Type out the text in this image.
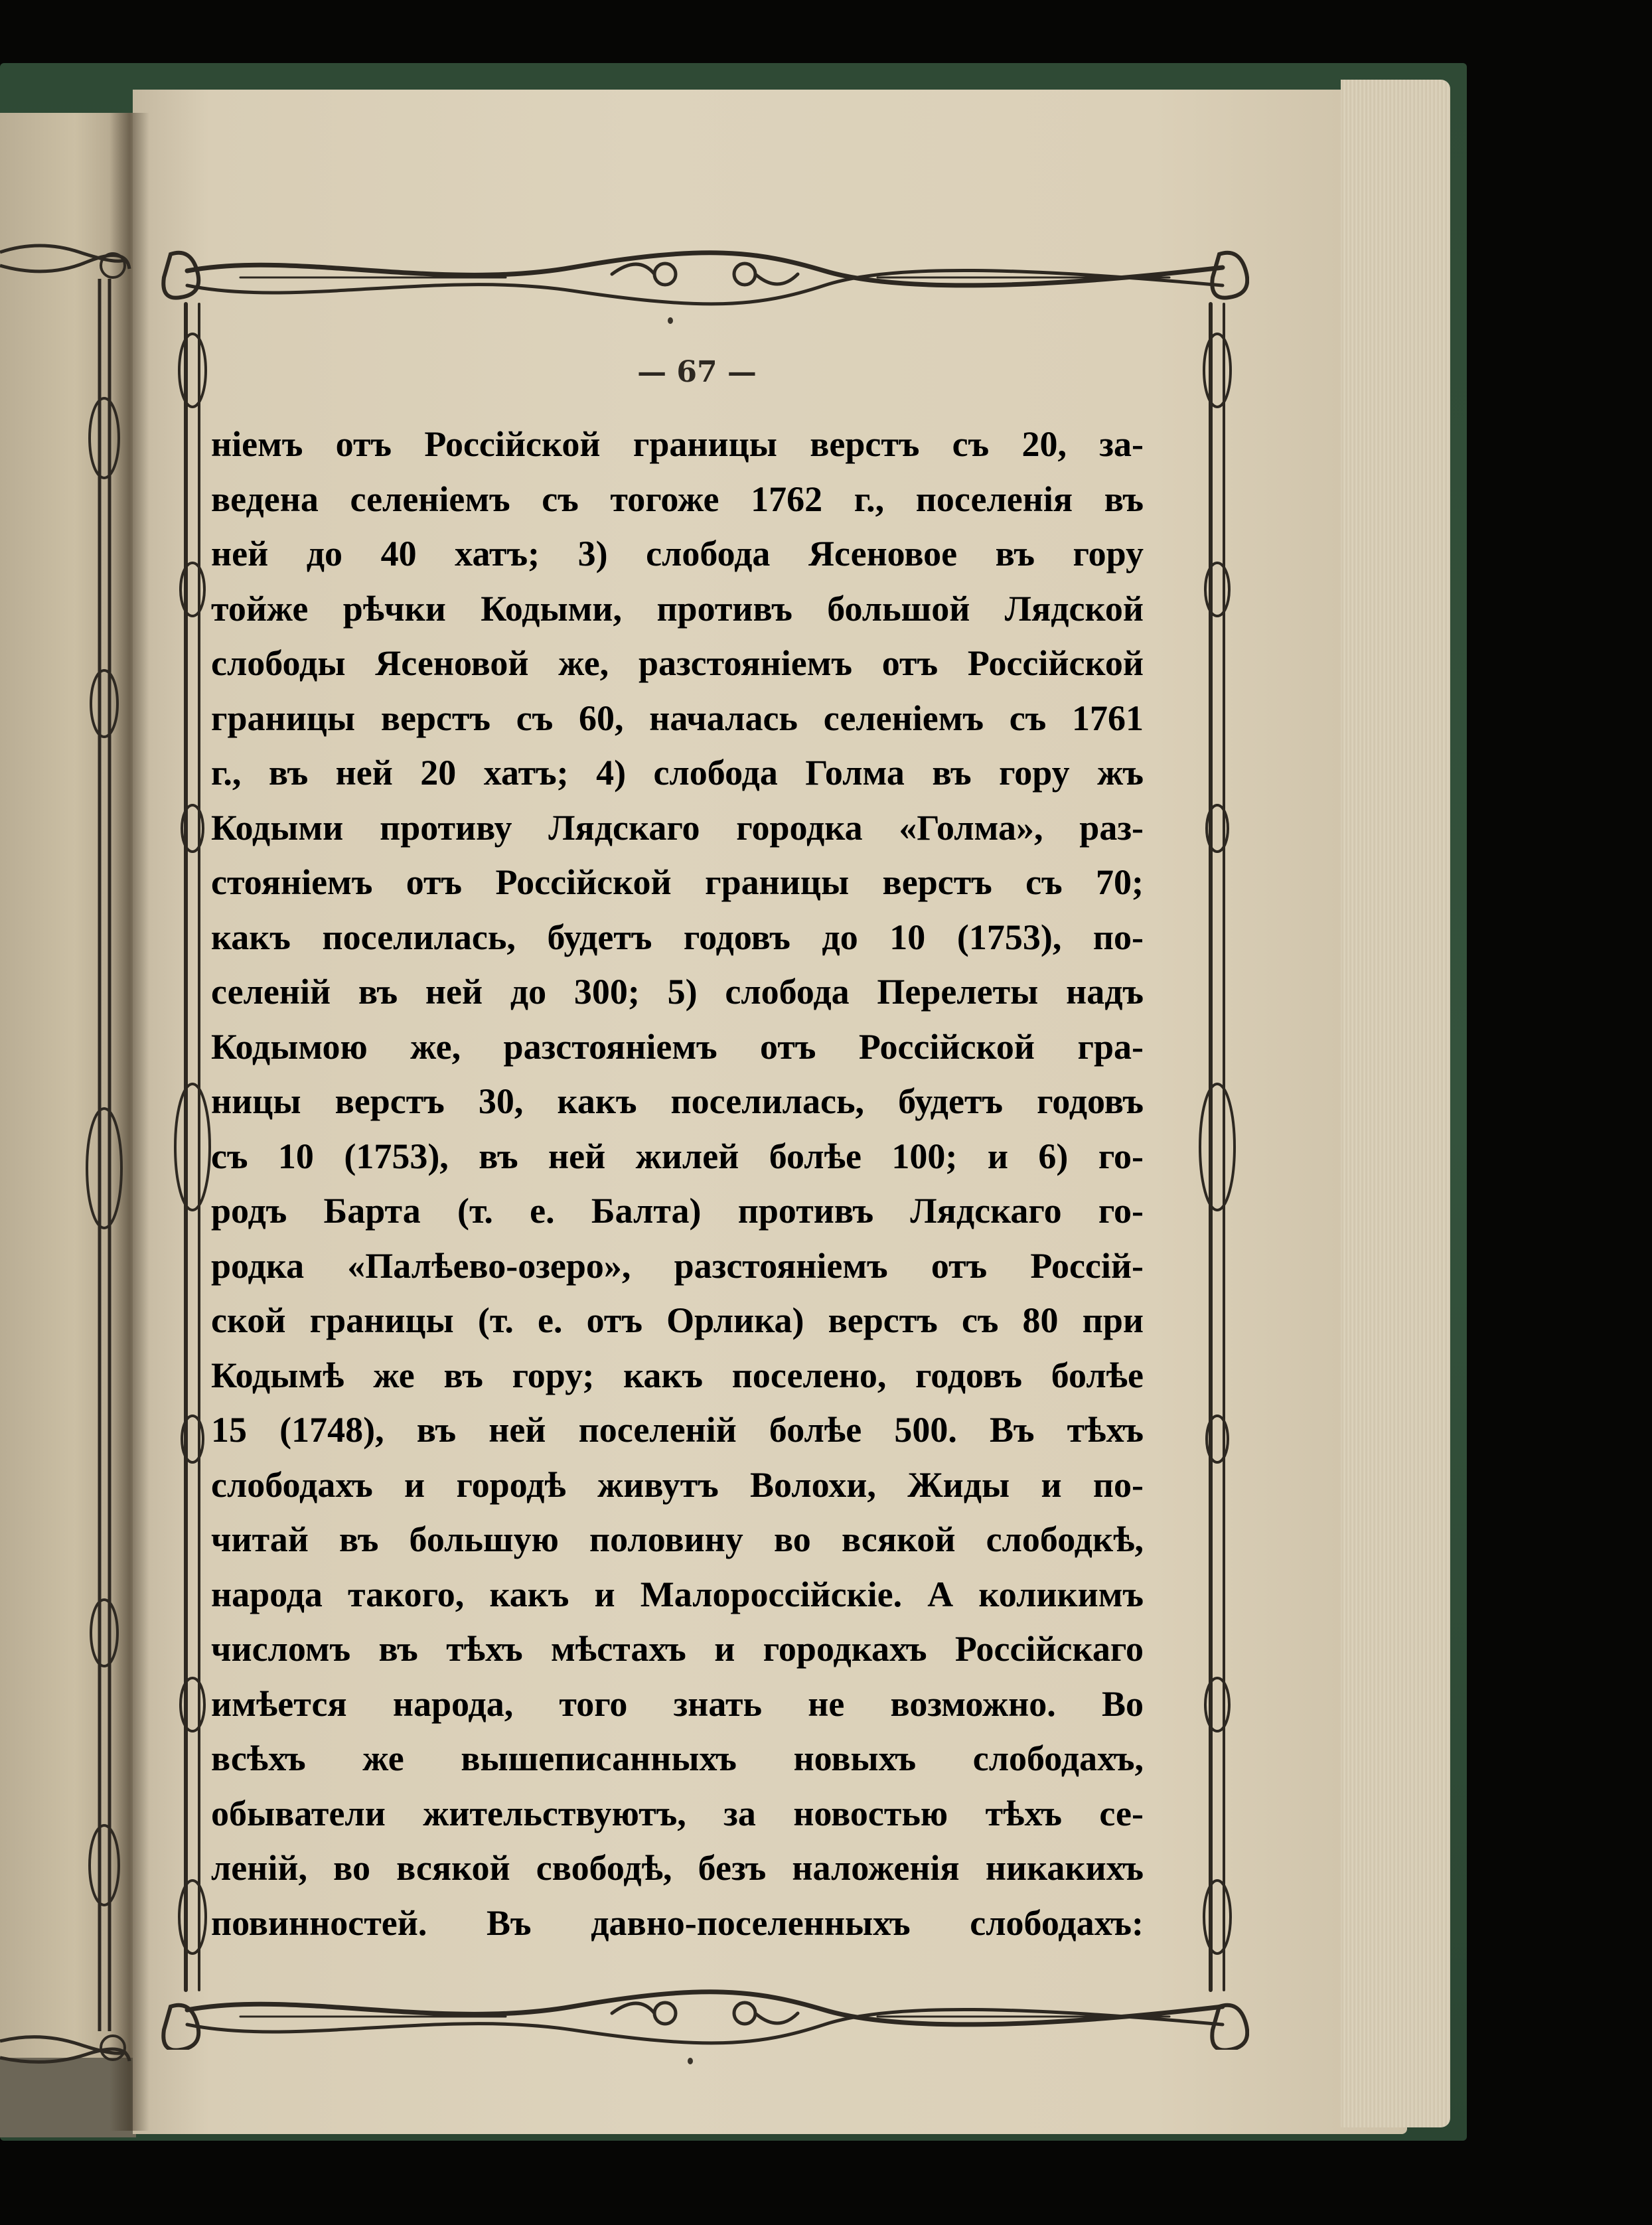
— 67 —
ніемъ отъ Россійской границы верстъ съ 20, за-
ведена селеніемъ съ тогоже 1762 г., поселенія въ
ней до 40 хатъ; 3) слобода Ясеновое въ гору
тойже рѣчки Кодыми, противъ большой Лядской
слободы Ясеновой же, разстояніемъ отъ Россійской
границы верстъ съ 60, началась селеніемъ съ 1761
г., въ ней 20 хатъ; 4) слобода Голма въ гору жъ
Кодыми противу Лядскаго городка «Голма», раз-
стояніемъ отъ Россійской границы верстъ съ 70;
какъ поселилась, будетъ годовъ до 10 (1753), по-
селеній въ ней до 300; 5) слобода Перелеты надъ
Кодымою же, разстояніемъ отъ Россійской гра-
ницы верстъ 30, какъ поселилась, будетъ годовъ
съ 10 (1753), въ ней жилей болѣе 100; и 6) го-
родъ Барта (т. е. Балта) противъ Лядскаго го-
родка «Палѣево-озеро», разстояніемъ отъ Россій-
ской границы (т. е. отъ Орлика) верстъ съ 80 при
Кодымѣ же въ гору; какъ поселено, годовъ болѣе
15 (1748), въ ней поселеній болѣе 500. Въ тѣхъ
слободахъ и городѣ живутъ Волохи, Жиды и по-
читай въ большую половину во всякой слободкѣ,
народа такого, какъ и Малороссійскіе. А коликимъ
числомъ въ тѣхъ мѣстахъ и городкахъ Россійскаго
имѣется народа, того знать не возможно. Во
всѣхъ же вышеписанныхъ новыхъ слободахъ,
обыватели жительствуютъ, за новостью тѣхъ се-
леній, во всякой свободѣ, безъ наложенія никакихъ
повинностей. Въ давно-поселенныхъ слободахъ:
